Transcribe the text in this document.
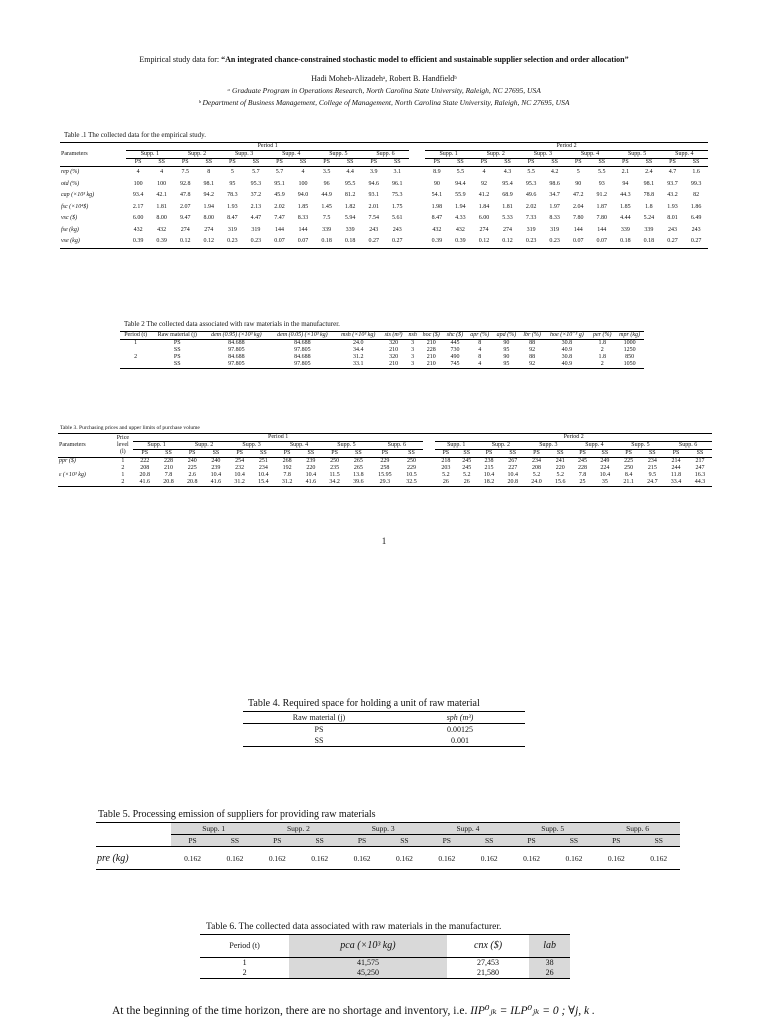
Empirical study data for: “An integrated chance-constrained stochastic model to efficient and sustainable supplier selection and order allocation”
Hadi Moheb-Alizadehᵃ, Robert B. Handfieldᵇ
ᵃ Graduate Program in Operations Research, North Carolina State University, Raleigh, NC 27695, USA
ᵇ Department of Business Management, College of Management, North Carolina State University, Raleigh, NC 27695, USA
Table .1 The collected data for the empirical study.
Parameters	Period 1													Period 2											
	Supp. 1		Supp. 2		Supp. 3		Supp. 4		Supp. 5		Supp. 6			Supp. 1		Supp. 2		Supp. 3		Supp. 4		Supp. 5		Supp. 4	
	PS	SS	PS	SS	PS	SS	PS	SS	PS	SS	PS	SS		PS	SS	PS	SS	PS	SS	PS	SS	PS	SS	PS	SS
rep (%)	4	4	7.5	8	5	5.7	5.7	4	3.5	4.4	3.9	3.1		8.9	5.5	4	4.3	5.5	4.2	5	5.5	2.1	2.4	4.7	1.6
otd (%)	100	100	92.8	98.1	95	95.3	95.1	100	96	95.5	94.6	96.1		90	94.4	92	95.4	95.3	98.6	90	93	94	98.1	93.7	99.3
cap (×10³ kg)	93.4	42.1	47.8	94.2	78.3	37.2	45.9	94.0	44.9	81.2	93.1	75.3		54.1	55.9	41.2	68.9	49.6	34.7	47.2	91.2	44.3	78.8	43.2	82
fsc (×10⁴$)	2.17	1.81	2.07	1.94	1.93	2.13	2.02	1.85	1.45	1.82	2.01	1.75		1.98	1.94	1.84	1.81	2.02	1.97	2.04	1.87	1.85	1.8	1.93	1.86
vsc ($)	6.00	8.00	9.47	8.00	8.47	4.47	7.47	8.33	7.5	5.94	7.54	5.61		8.47	4.33	6.00	5.33	7.33	8.33	7.80	7.80	4.44	5.24	8.01	6.49
fse (kg)	432	432	274	274	319	319	144	144	339	339	243	243		432	432	274	274	319	319	144	144	339	339	243	243
vse (kg)	0.39	0.39	0.12	0.12	0.23	0.23	0.07	0.07	0.18	0.18	0.27	0.27		0.39	0.39	0.12	0.12	0.23	0.23	0.07	0.07	0.18	0.18	0.27	0.27
Table 2 The collected data associated with raw materials in the manufacturer.
Period (t)	Raw material (j)	dem (0.95) (×10³ kg)	dem (0.05) (×10³ kg)	msh (×10³ kg)	sts (m³)	nsh	hoc ($)	shc ($)	apr (%)	apd (%)	lbr (%)	hoe (×10⁻³ g)	per (%)	mpr (kg)
1	PS	84.688	84.688	24.0	320	3	210	445	8	90	88	30.8	1.8	1000
	SS	97.805	97.805	34.4	210	3	228	730	4	95	92	40.9	2	1250
2	PS	84.688	84.688	31.2	320	3	210	490	8	90	88	30.8	1.8	850
	SS	97.805	97.805	33.1	210	3	210	745	4	95	92	40.9	2	1050
Table 3. Purchasing prices and upper limits of purchase volume
Parameters	Price level (l)	Period 1													Period 2											
		Supp. 1		Supp. 2		Supp. 3		Supp. 4		Supp. 5		Supp. 6			Supp. 1		Supp. 2		Supp. 3		Supp. 4		Supp. 5		Supp. 6	
		PS	SS	PS	SS	PS	SS	PS	SS	PS	SS	PS	SS		PS	SS	PS	SS	PS	SS	PS	SS	PS	SS	PS	SS
ppr ($)	1	222	228	240	240	254	251	268	239	250	265	229	250		218	245	238	267	234	241	245	249	225	234	214	217
	2	208	210	225	239	232	234	192	220	235	265	258	229		203	245	215	227	208	220	228	224	250	215	244	247
ε (×10³ kg)	1	20.8	7.8	2.6	10.4	10.4	10.4	7.8	10.4	11.5	13.8	15.95	10.5		5.2	5.2	10.4	10.4	5.2	5.2	7.8	10.4	8.4	9.5	11.8	16.3
	2	41.6	20.8	20.8	41.6	31.2	15.4	31.2	41.6	34.2	39.6	29.3	32.5		26	26	18.2	20.8	24.0	15.6	25	35	21.1	24.7	33.4	44.3
1
Table 4. Required space for holding a unit of raw material
Raw material (j)	sph (m³)
PS	0.00125
SS	0.001
Table 5. Processing emission of suppliers for providing raw materials
	Supp. 1		Supp. 2		Supp. 3		Supp. 4		Supp. 5		Supp. 6	
	PS	SS	PS	SS	PS	SS	PS	SS	PS	SS	PS	SS
pre (kg)	0.162	0.162	0.162	0.162	0.162	0.162	0.162	0.162	0.162	0.162	0.162	0.162
Table 6. The collected data associated with raw materials in the manufacturer.
Period (t)	pca (×10³ kg)	cnx ($)	lab
1	41,575	27,453	38
2	45,250	21,580	26
At the beginning of the time horizon, there are no shortage and inventory, i.e. IIP⁰ⱼₖ = ILP⁰ⱼₖ = 0 ; ∀j, k .
